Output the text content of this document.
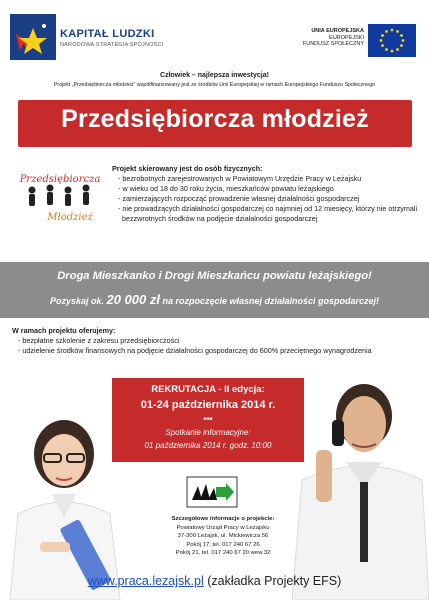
KAPITAŁ LUDZKI
NARODOWA STRATEGIA SPÓJNOŚCI
UNIA EUROPEJSKA
EUROPEJSKI
FUNDUSZ SPOŁECZNY
Człowiek – najlepsza inwestycja!
Projekt „Przedsiębiorcza młodzież” współfinansowany jest ze środków Unii Europejskiej w ramach Europejskiego Funduszu Społecznego
Przedsiębiorcza młodzież
Przedsiębiorcza
Młodzież
Projekt skierowany jest do osób fizycznych:
- bezrobotnych zarejestrowanych w Powiatowym Urzędzie Pracy w Leżajsku
- w wieku od 18 do 30 roku życia, mieszkańców powiatu leżajskiego
- zamierzających rozpocząć prowadzenie własnej działalności gospodarczej
- nie prowadzących działalności gospodarczej co najmniej od 12 miesięcy, którzy nie otrzymali bezzwrotnych środków na podjęcie działalności gospodarczej
Droga Mieszkanko i Drogi Mieszkańcu powiatu leżajskiego!
Pozyskaj ok. 20 000 zł na rozpoczęcie własnej działalności gospodarczej!
W ramach projektu oferujemy:
- bezpłatne szkolenie z zakresu przedsiębiorczości
- udzielenie środków finansowych na podjęcie działalności gospodarczej do 600% przeciętnego wynagrodzenia
REKRUTACJA - II edycja:
01-24 października 2014 r.
***
Spotkanie informacyjne:
01 października 2014 r. godz. 10:00
Szczegółowe informacje o projekcie:
Powiatowy Urząd Pracy w Leżajsku
37-300 Leżajsk, ul. Mickiewicza 56
Pokój 17, tel. 017 240 67 26
Pokój 21, tel. 017 240 67 20 wew.32
www.praca.lezajsk.pl (zakładka Projekty EFS)
